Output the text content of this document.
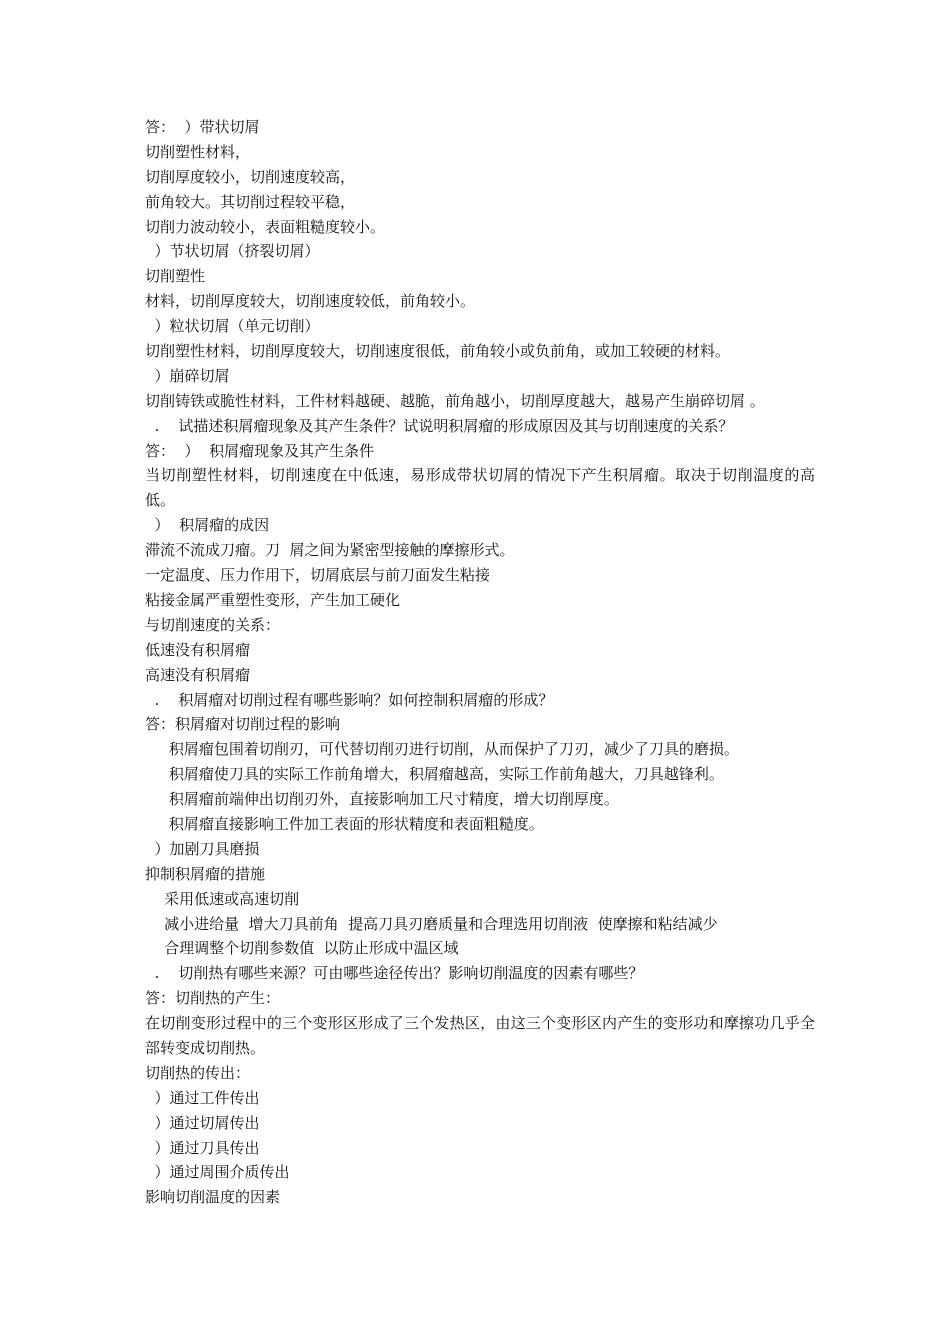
答：  ）带状切屑
切削塑性材料，
切削厚度较小，切削速度较高，
前角较大。其切削过程较平稳，
切削力波动较小，表面粗糙度较小。
）节状切屑（挤裂切屑）
切削塑性
材料，切削厚度较大，切削速度较低，前角较小。
）粒状切屑（单元切削）
切削塑性材料，切削厚度较大，切削速度很低，前角较小或负前角，或加工较硬的材料。
）崩碎切屑
切削铸铁或脆性材料，工件材料越硬、越脆，前角越小，切削厚度越大，越易产生崩碎切屑 。
.    试描述积屑瘤现象及其产生条件？试说明积屑瘤的形成原因及其与切削速度的关系？
答：  ）  积屑瘤现象及其产生条件
当切削塑性材料，切削速度在中低速，易形成带状切屑的情况下产生积屑瘤。取决于切削温度的高低。
）  积屑瘤的成因
滞流不流成刀瘤。刀  屑之间为紧密型接触的摩擦形式。
一定温度、压力作用下，切屑底层与前刀面发生粘接
粘接金属严重塑性变形，产生加工硬化
与切削速度的关系：
低速没有积屑瘤
高速没有积屑瘤
.    积屑瘤对切削过程有哪些影响？如何控制积屑瘤的形成？
答：积屑瘤对切削过程的影响
积屑瘤包围着切削刃，可代替切削刃进行切削，从而保护了刀刃，减少了刀具的磨损。
积屑瘤使刀具的实际工作前角增大，积屑瘤越高，实际工作前角越大，刀具越锋利。
积屑瘤前端伸出切削刃外，直接影响加工尺寸精度，增大切削厚度。
积屑瘤直接影响工件加工表面的形状精度和表面粗糙度。
）加剧刀具磨损
抑制积屑瘤的措施
采用低速或高速切削
减小进给量  增大刀具前角  提高刀具刃磨质量和合理选用切削液  使摩擦和粘结减少
合理调整个切削参数值  以防止形成中温区域
.    切削热有哪些来源？可由哪些途径传出？影响切削温度的因素有哪些？
答：切削热的产生：
在切削变形过程中的三个变形区形成了三个发热区，由这三个变形区内产生的变形功和摩擦功几乎全部转变成切削热。
切削热的传出：
）通过工件传出
）通过切屑传出
）通过刀具传出
）通过周围介质传出
影响切削温度的因素
